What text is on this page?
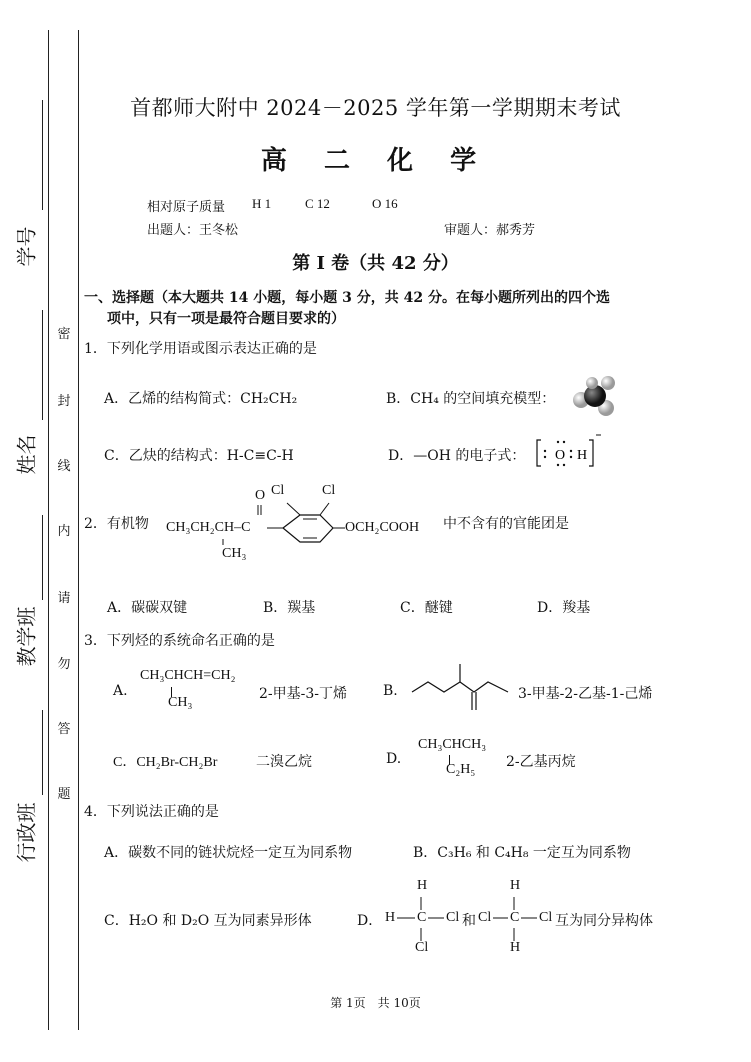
学号
姓名
教学班
行政班
密
封
线
内
请
勿
答
题
首都师大附中 2024－2025 学年第一学期期末考试
高 二 化 学
相对原子质量 H 1	C 12	O 16
出题人：王冬松	审题人：郝秀芳
第 I 卷（共 42 分）
一、选择题（本大题共 14 小题，每小题 3 分，共 42 分。在每小题所列出的四个选
项中，只有一项是最符合题目要求的）
1．下列化学用语或图示表达正确的是
A．乙烯的结构简式：CH₂CH₂	B．CH₄ 的空间填充模型：
C．乙炔的结构式：H-C≡C-H	D．—OH 的电子式： O H
2．有机物 CH₃CH₂CH–C
CH₃
O Cl	Cl
OCH₂COOH 中不含有的官能团是
A．碳碳双键	B．羰基	C．醚键	D．羧基
3．下列烃的系统命名正确的是
A.
CH₃CHCH=CH₂
CH₃
2-甲基-3-丁烯	B.	3-甲基-2-乙基-1-己烯
C．CH₂Br-CH₂Br	二溴乙烷	D.
CH₃CHCH₃
C₂H₅ 2-乙基丙烷
4．下列说法正确的是
A．碳数不同的链状烷烃一定互为同系物	B．C₃H₆ 和 C₄H₈ 一定互为同系物
C．H₂O 和 D₂O 互为同素异形体	D．
H
H C Cl
Cl
和
H
Cl C Cl
H
互为同分异构体
第 1页　共 10页
